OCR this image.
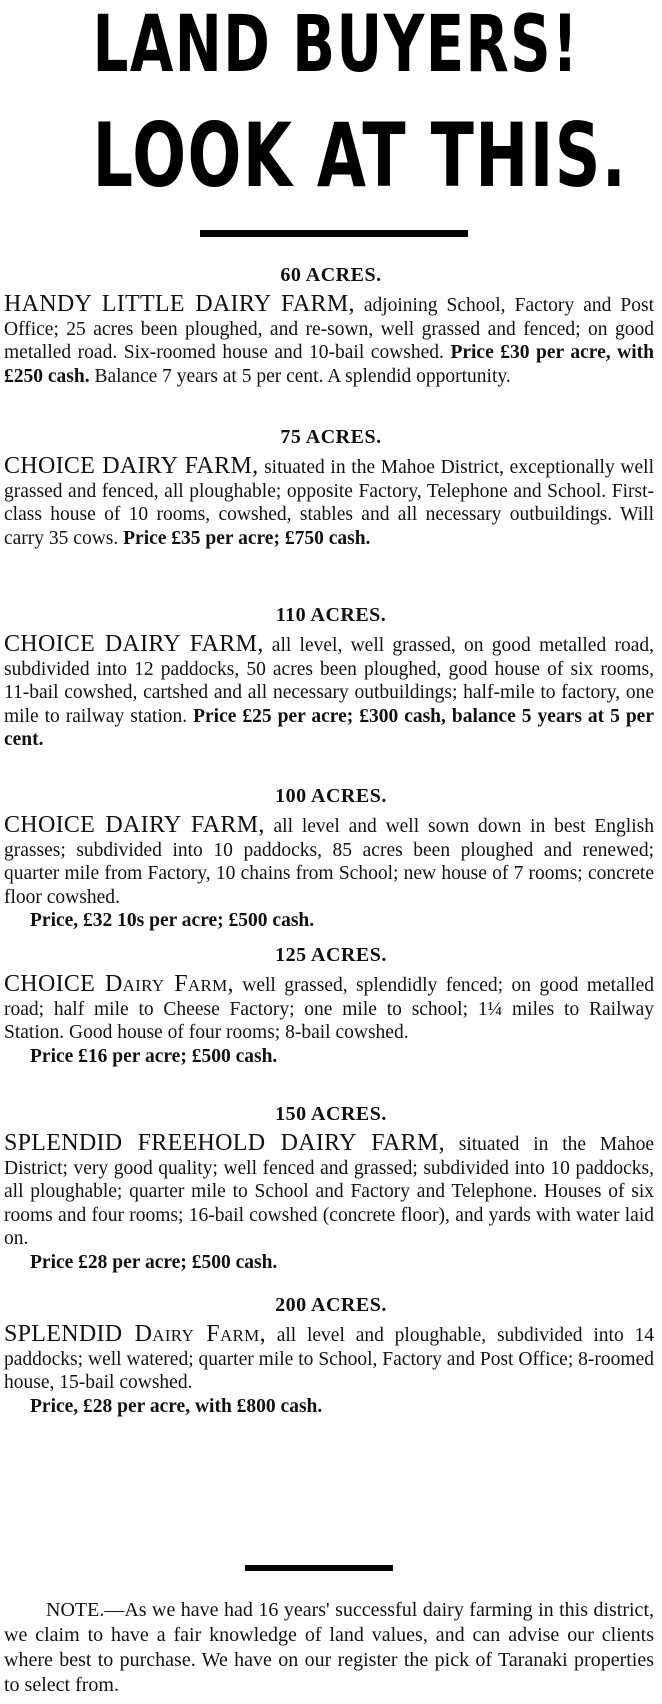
LAND BUYERS!
LOOK AT THIS.
60 ACRES.
HANDY LITTLE DAIRY FARM, adjoining School, Factory and Post Office; 25 acres been ploughed, and re-sown, well grassed and fenced; on good metalled road. Six-roomed house and 10-bail cowshed. Price £30 per acre, with £250 cash. Balance 7 years at 5 per cent. A splendid opportunity.
75 ACRES.
CHOICE DAIRY FARM, situated in the Mahoe District, exceptionally well grassed and fenced, all ploughable; opposite Factory, Telephone and School. First-class house of 10 rooms, cowshed, stables and all necessary outbuildings. Will carry 35 cows. Price £35 per acre; £750 cash.
110 ACRES.
CHOICE DAIRY FARM, all level, well grassed, on good metalled road, subdivided into 12 paddocks, 50 acres been ploughed, good house of six rooms, 11-bail cowshed, cartshed and all necessary outbuildings; half-mile to factory, one mile to railway station. Price £25 per acre; £300 cash, balance 5 years at 5 per cent.
100 ACRES.
CHOICE DAIRY FARM, all level and well sown down in best English grasses; subdivided into 10 paddocks, 85 acres been ploughed and renewed; quarter mile from Factory, 10 chains from School; new house of 7 rooms; concrete floor cowshed.
Price, £32 10s per acre; £500 cash.
125 ACRES.
CHOICE Dairy Farm, well grassed, splendidly fenced; on good metalled road; half mile to Cheese Factory; one mile to school; 1¼ miles to Railway Station. Good house of four rooms; 8-bail cowshed.
Price £16 per acre; £500 cash.
150 ACRES.
SPLENDID FREEHOLD DAIRY FARM, situated in the Mahoe District; very good quality; well fenced and grassed; subdivided into 10 paddocks, all ploughable; quarter mile to School and Factory and Telephone. Houses of six rooms and four rooms; 16-bail cowshed (concrete floor), and yards with water laid on.
Price £28 per acre; £500 cash.
200 ACRES.
SPLENDID Dairy Farm, all level and ploughable, subdivided into 14 paddocks; well watered; quarter mile to School, Factory and Post Office; 8-roomed house, 15-bail cowshed.
Price, £28 per acre, with £800 cash.
NOTE.—As we have had 16 years' successful dairy farming in this district, we claim to have a fair knowledge of land values, and can advise our clients where best to purchase. We have on our register the pick of Taranaki properties to select from.
